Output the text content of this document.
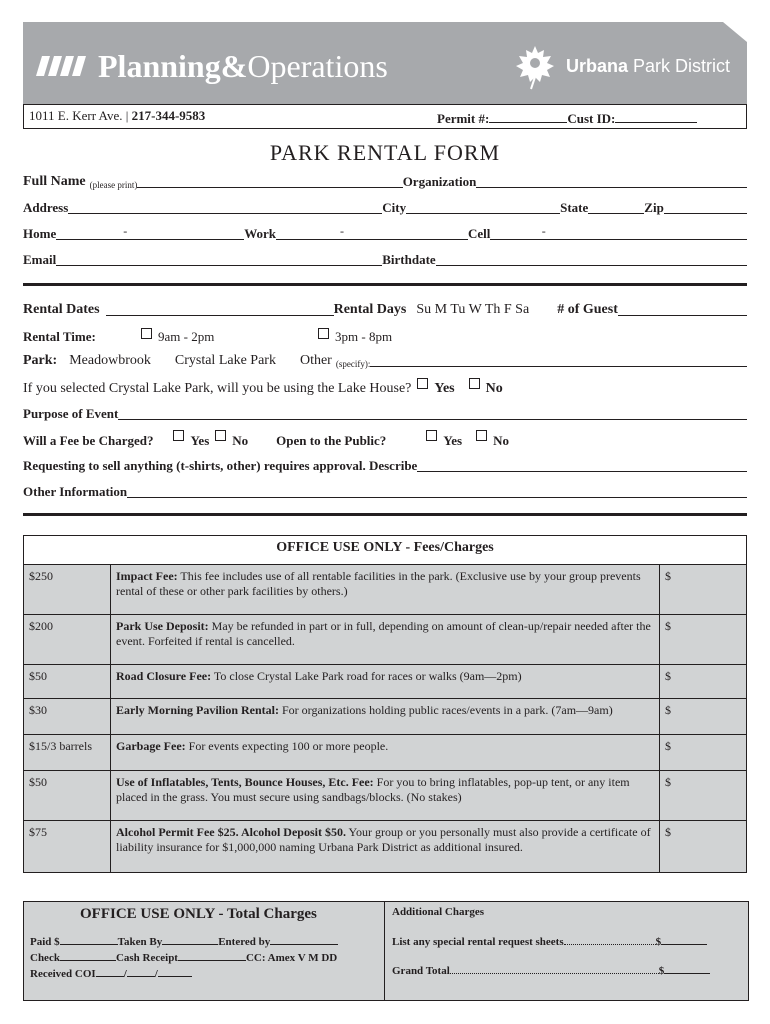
Planning&Operations	Urbana Park District
1011 E. Kerr Ave. | 217-344-9583	Permit #:	Cust ID:
PARK RENTAL FORM
Full Name (please print)	Organization
Address	City	State	Zip
Home	-	Work	-	Cell	-
Email	Birthdate
Rental Dates	Rental Days Su M Tu W Th F Sa # of Guest
Rental Time:	9am - 2pm	3pm - 8pm
Park: Meadowbrook Crystal Lake Park Other (specify):
If you selected Crystal Lake Park, will you be using the Lake House? Yes No
Purpose of Event
Will a Fee be Charged?	Yes No Open to the Public?	Yes No
Requesting to sell anything (t-shirts, other) requires approval. Describe
Other Information
OFFICE USE ONLY - Fees/Charges		
$250	Impact Fee: This fee includes use of all rentable facilities in the park. (Exclusive use by your group prevents rental of these or other park facilities by others.)	$
$200	Park Use Deposit: May be refunded in part or in full, depending on amount of clean-up/repair needed after the event. Forfeited if rental is cancelled.	$
$50	Road Closure Fee: To close Crystal Lake Park road for races or walks (9am—2pm)	$
$30	Early Morning Pavilion Rental: For organizations holding public races/events in a park. (7am—9am)	$
$15/3 barrels	Garbage Fee: For events expecting 100 or more people.	$
$50	Use of Inflatables, Tents, Bounce Houses, Etc. Fee: For you to bring inflatables, pop-up tent, or any item placed in the grass. You must secure using sandbags/blocks. (No stakes)	$
$75	Alcohol Permit Fee $25. Alcohol Deposit $50. Your group or you personally must also provide a certificate of liability insurance for $1,000,000 naming Urbana Park District as additional insured.	$
OFFICE USE ONLY - Total Charges
Paid $	Taken By	Entered by
Check	Cash Receipt	CC: Amex V M DD
Received COI	/	/
Additional Charges
List any special rental request sheets	$
Grand Total	$
